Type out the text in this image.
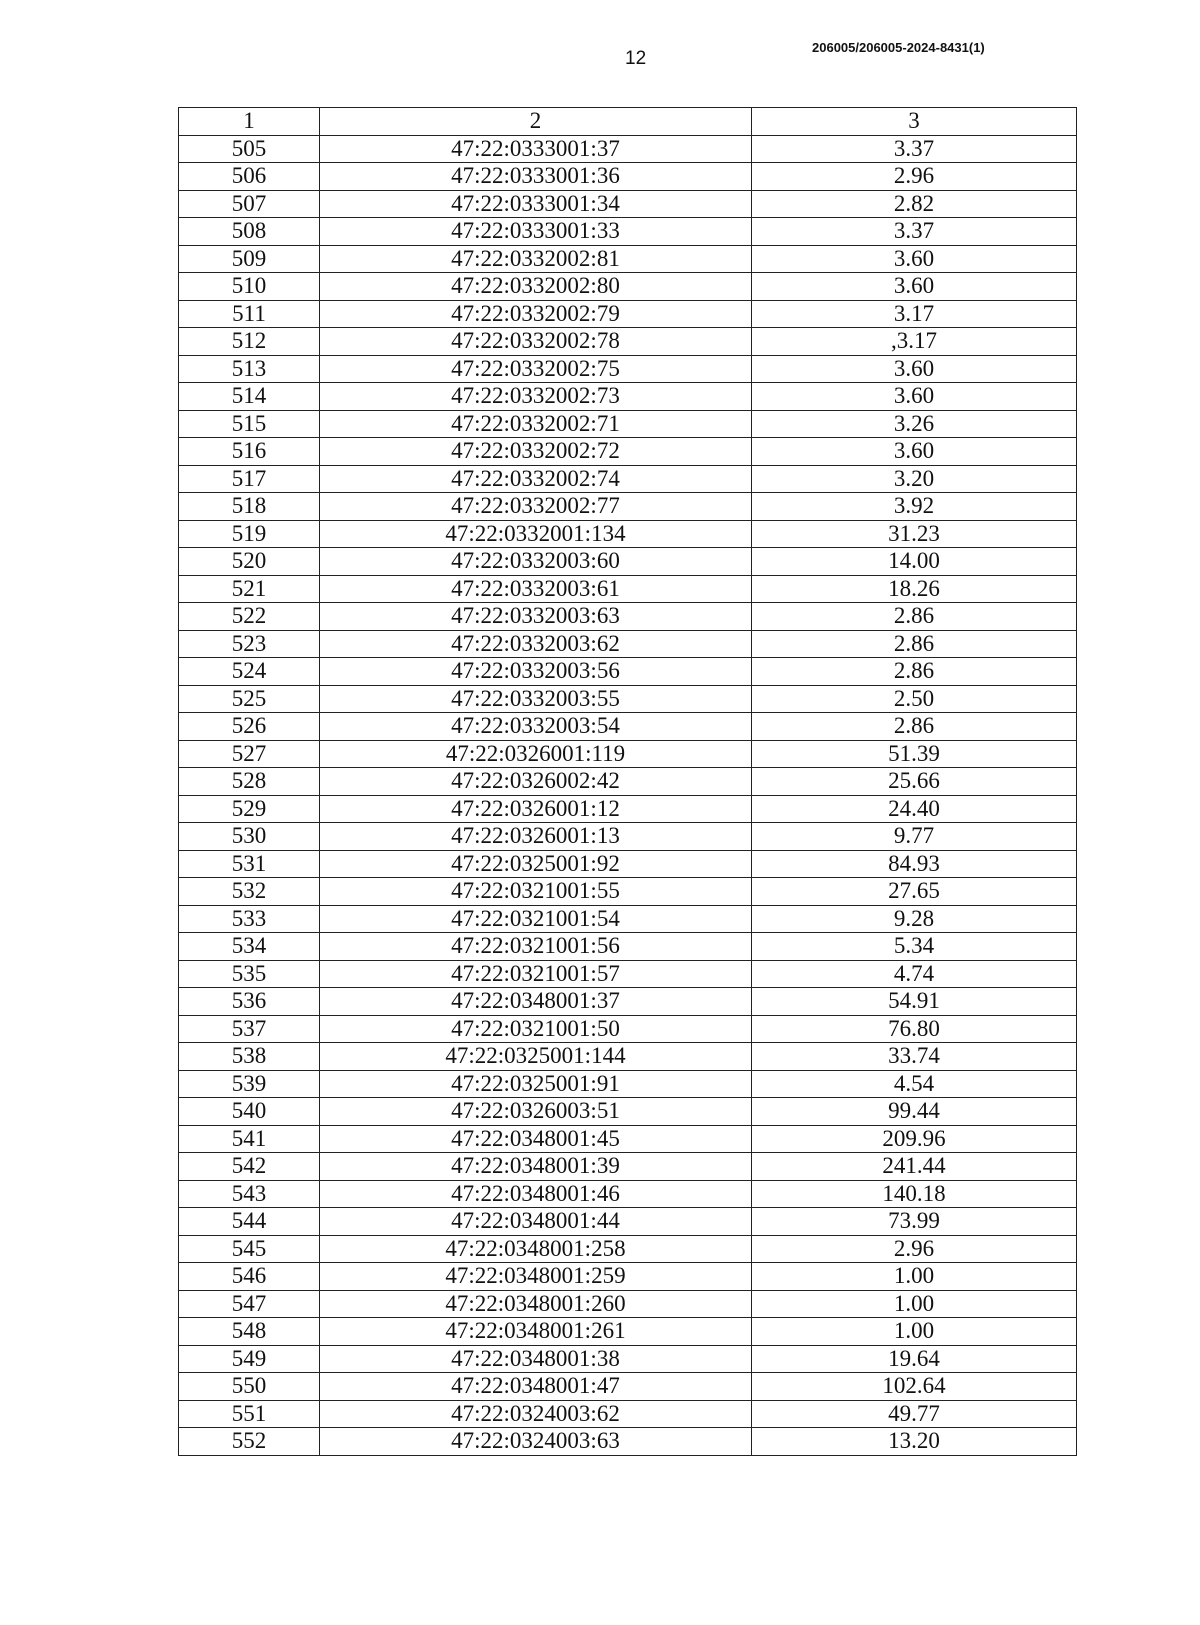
12
206005/206005-2024-8431(1)
1	2	3
505	47:22:0333001:37	3.37
506	47:22:0333001:36	2.96
507	47:22:0333001:34	2.82
508	47:22:0333001:33	3.37
509	47:22:0332002:81	3.60
510	47:22:0332002:80	3.60
511	47:22:0332002:79	3.17
512	47:22:0332002:78	,3.17
513	47:22:0332002:75	3.60
514	47:22:0332002:73	3.60
515	47:22:0332002:71	3.26
516	47:22:0332002:72	3.60
517	47:22:0332002:74	3.20
518	47:22:0332002:77	3.92
519	47:22:0332001:134	31.23
520	47:22:0332003:60	14.00
521	47:22:0332003:61	18.26
522	47:22:0332003:63	2.86
523	47:22:0332003:62	2.86
524	47:22:0332003:56	2.86
525	47:22:0332003:55	2.50
526	47:22:0332003:54	2.86
527	47:22:0326001:119	51.39
528	47:22:0326002:42	25.66
529	47:22:0326001:12	24.40
530	47:22:0326001:13	9.77
531	47:22:0325001:92	84.93
532	47:22:0321001:55	27.65
533	47:22:0321001:54	9.28
534	47:22:0321001:56	5.34
535	47:22:0321001:57	4.74
536	47:22:0348001:37	54.91
537	47:22:0321001:50	76.80
538	47:22:0325001:144	33.74
539	47:22:0325001:91	4.54
540	47:22:0326003:51	99.44
541	47:22:0348001:45	209.96
542	47:22:0348001:39	241.44
543	47:22:0348001:46	140.18
544	47:22:0348001:44	73.99
545	47:22:0348001:258	2.96
546	47:22:0348001:259	1.00
547	47:22:0348001:260	1.00
548	47:22:0348001:261	1.00
549	47:22:0348001:38	19.64
550	47:22:0348001:47	102.64
551	47:22:0324003:62	49.77
552	47:22:0324003:63	13.20
